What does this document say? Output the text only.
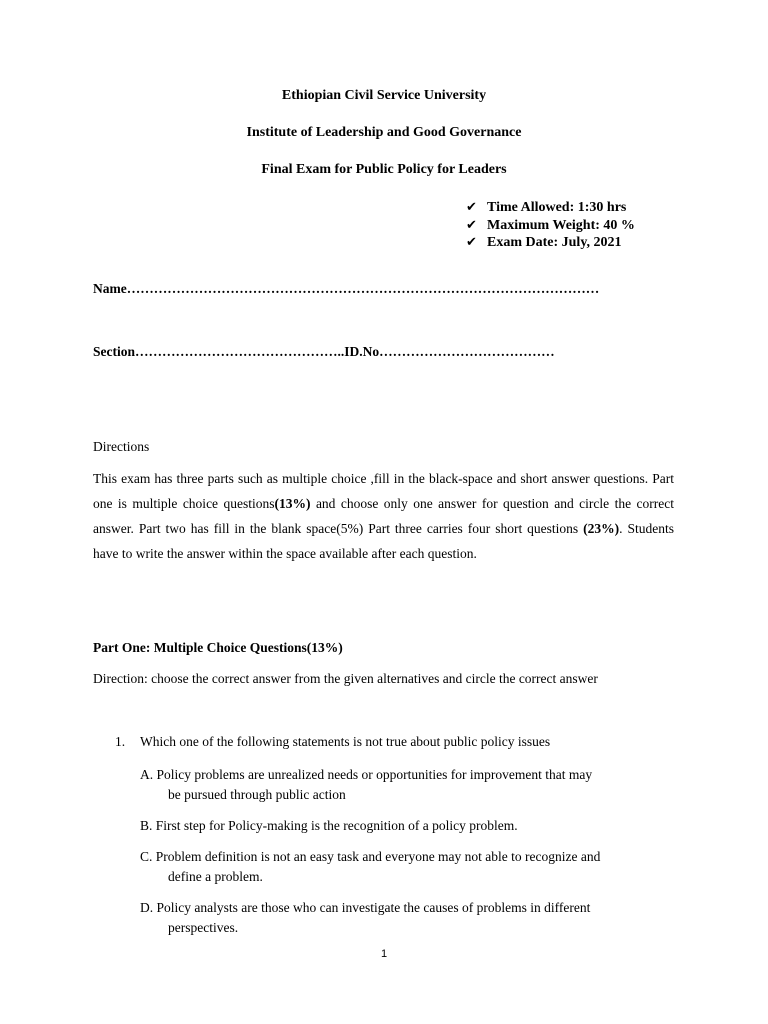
Ethiopian Civil Service University
Institute of Leadership and Good Governance
Final Exam for Public Policy for Leaders
✔ Time Allowed: 1:30 hrs
✔ Maximum Weight: 40 %
✔ Exam Date: July, 2021
Name……………………………………………………………………………………………
Section………………………………………..ID.No…………………………………
Directions
This exam has three parts such as multiple choice ,fill in the black-space and short answer questions. Part one is multiple choice questions(13%) and choose only one answer for question and circle the correct answer. Part two has fill in the blank space(5%) Part three carries four short questions (23%). Students have to write the answer within the space available after each question.
Part One: Multiple Choice Questions(13%)
Direction: choose the correct answer from the given alternatives and circle the correct answer
1. Which one of the following statements is not true about public policy issues
A. Policy problems are unrealized needs or opportunities for improvement that may
be pursued through public action
B. First step for Policy-making is the recognition of a policy problem.
C. Problem definition is not an easy task and everyone may not able to recognize and
define a problem.
D. Policy analysts are those who can investigate the causes of problems in different
perspectives.
1
